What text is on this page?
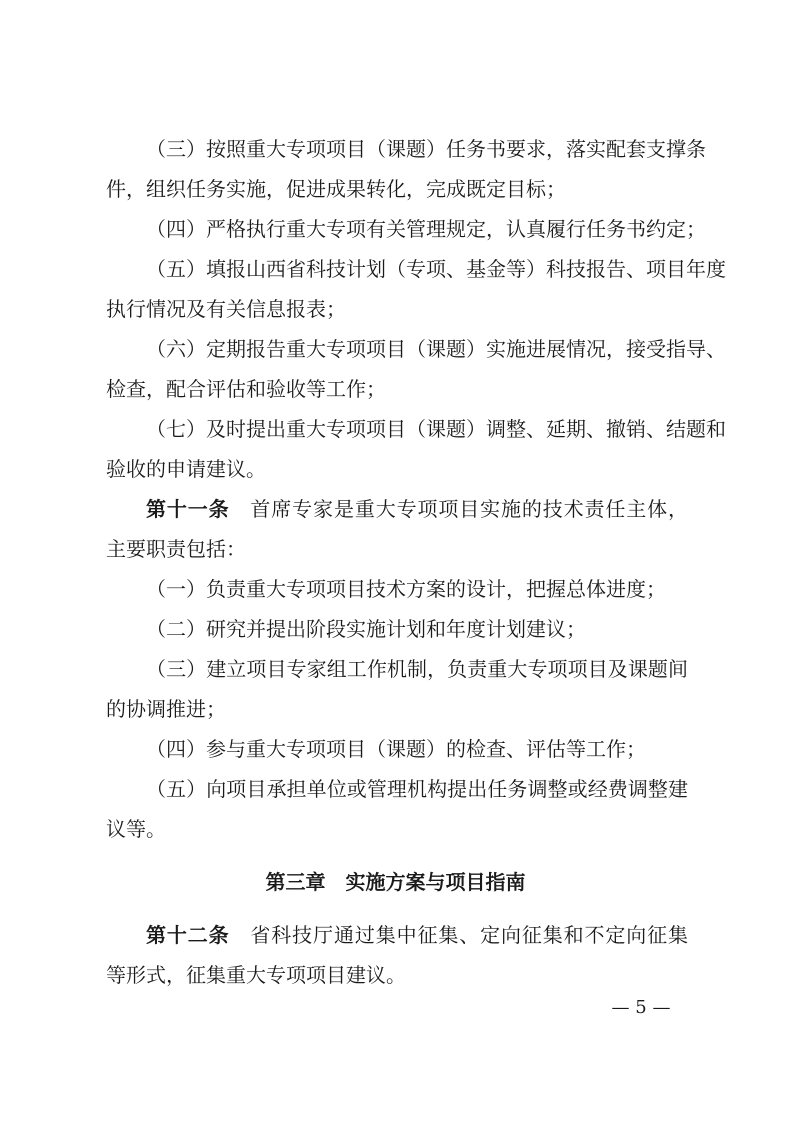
（三）按照重大专项项目（课题）任务书要求，落实配套支撑条
件，组织任务实施，促进成果转化，完成既定目标；
（四）严格执行重大专项有关管理规定，认真履行任务书约定；
（五）填报山西省科技计划（专项、基金等）科技报告、项目年度
执行情况及有关信息报表；
（六）定期报告重大专项项目（课题）实施进展情况，接受指导、
检查，配合评估和验收等工作；
（七）及时提出重大专项项目（课题）调整、延期、撤销、结题和
验收的申请建议。
第十一条　 首席专家是重大专项项目实施的技术责任主体，
主要职责包括：
（一）负责重大专项项目技术方案的设计，把握总体进度；
（二）研究并提出阶段实施计划和年度计划建议；
（三）建立项目专家组工作机制，负责重大专项项目及课题间
的协调推进；
（四）参与重大专项项目（课题）的检查、评估等工作；
（五）向项目承担单位或管理机构提出任务调整或经费调整建
议等。
第三章　实施方案与项目指南
第十二条　 省科技厅通过集中征集、定向征集和不定向征集
等形式，征集重大专项项目建议。
— 5 —
